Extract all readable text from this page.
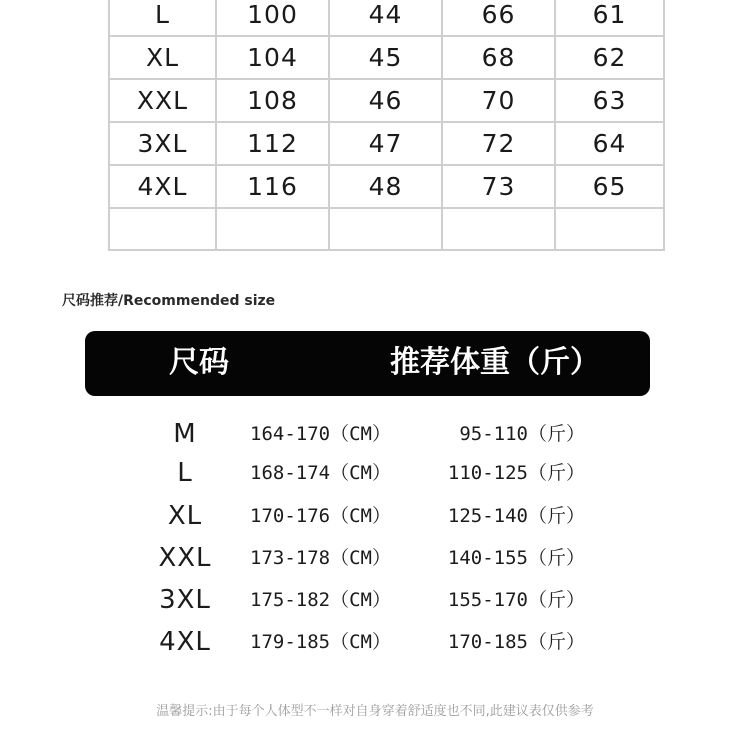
L	100	44	66	61
XL	104	45	68	62
XXL	108	46	70	63
3XL	112	47	72	64
4XL	116	48	73	65

尺码推荐/Recommended size
尺码	推荐体重（斤）
M	164-170（CM）	95-110（斤）
L	168-174（CM）	110-125（斤）
XL	170-176（CM）	125-140（斤）
XXL	173-178（CM）	140-155（斤）
3XL	175-182（CM）	155-170（斤）
4XL	179-185（CM）	170-185（斤）
温馨提示:由于每个人体型不一样对自身穿着舒适度也不同,此建议表仅供参考
